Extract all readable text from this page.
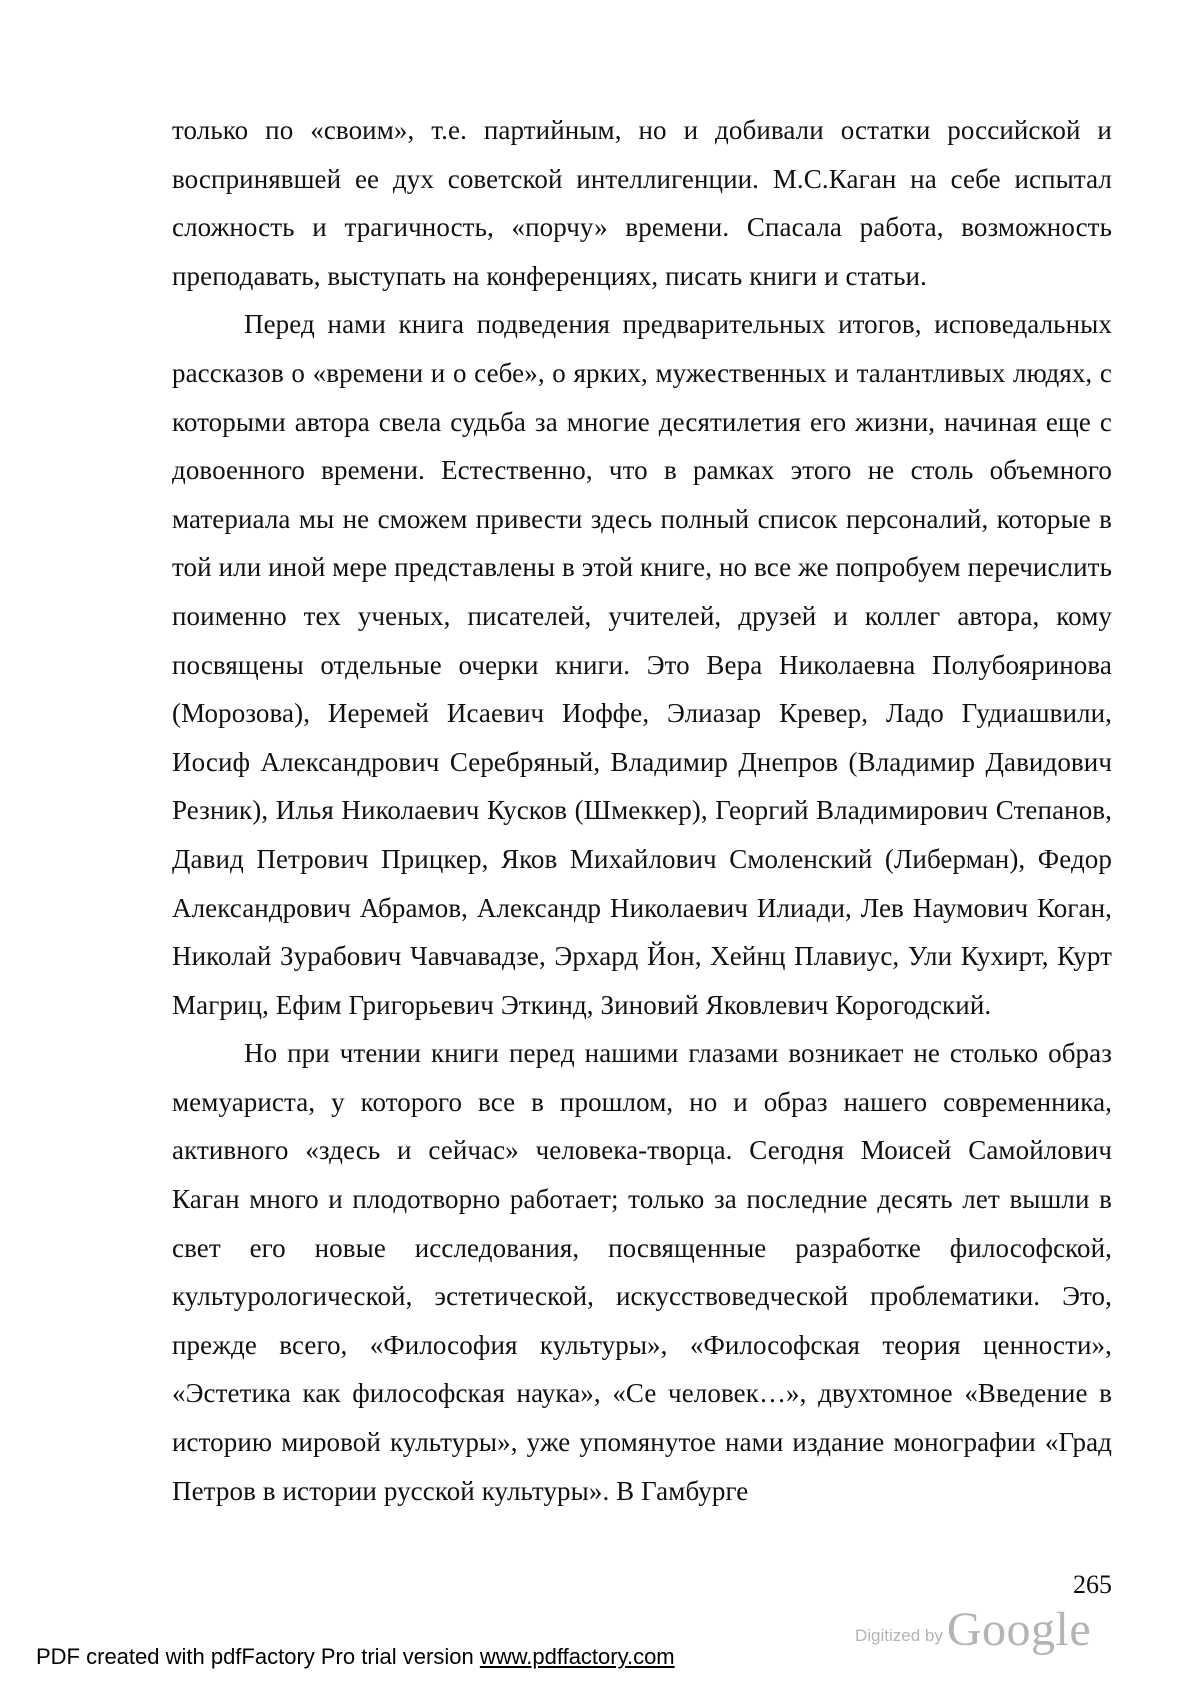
только по «своим», т.е. партийным, но и добивали остатки российской и воспринявшей ее дух советской интеллигенции. М.С.Каган на себе испытал сложность и трагичность, «порчу» времени. Спасала работа, возможность преподавать, выступать на конференциях, писать книги и статьи.

Перед нами книга подведения предварительных итогов, исповедальных рассказов о «времени и о себе», о ярких, мужественных и талантливых людях, с которыми автора свела судьба за многие десятилетия его жизни, начиная еще с довоенного времени. Естественно, что в рамках этого не столь объемного материала мы не сможем привести здесь полный список персоналий, которые в той или иной мере представлены в этой книге, но все же попробуем перечислить поименно тех ученых, писателей, учителей, друзей и коллег автора, кому посвящены отдельные очерки книги. Это Вера Николаевна Полубояринова (Морозова), Иеремей Исаевич Иоффе, Элиазар Кревер, Ладо Гудиашвили, Иосиф Александрович Серебряный, Владимир Днепров (Владимир Давидович Резник), Илья Николаевич Кусков (Шмеккер), Георгий Владимирович Степанов, Давид Петрович Прицкер, Яков Михайлович Смоленский (Либерман), Федор Александрович Абрамов, Александр Николаевич Илиади, Лев Наумович Коган, Николай Зурабович Чавчавадзе, Эрхард Йон, Хейнц Плавиус, Ули Кухирт, Курт Магриц, Ефим Григорьевич Эткинд, Зиновий Яковлевич Корогодский.

Но при чтении книги перед нашими глазами возникает не столько образ мемуариста, у которого все в прошлом, но и образ нашего современника, активного «здесь и сейчас» человека-творца. Сегодня Моисей Самойлович Каган много и плодотворно работает; только за последние десять лет вышли в свет его новые исследования, посвященные разработке философской, культурологической, эстетической, искусствоведческой проблематики. Это, прежде всего, «Философия культуры», «Философская теория ценности», «Эстетика как философская наука», «Се человек…», двухтомное «Введение в историю мировой культуры», уже упомянутое нами издание монографии «Град Петров в истории русской культуры». В Гамбурге

265
Digitized by Google
PDF created with pdfFactory Pro trial version www.pdffactory.com
